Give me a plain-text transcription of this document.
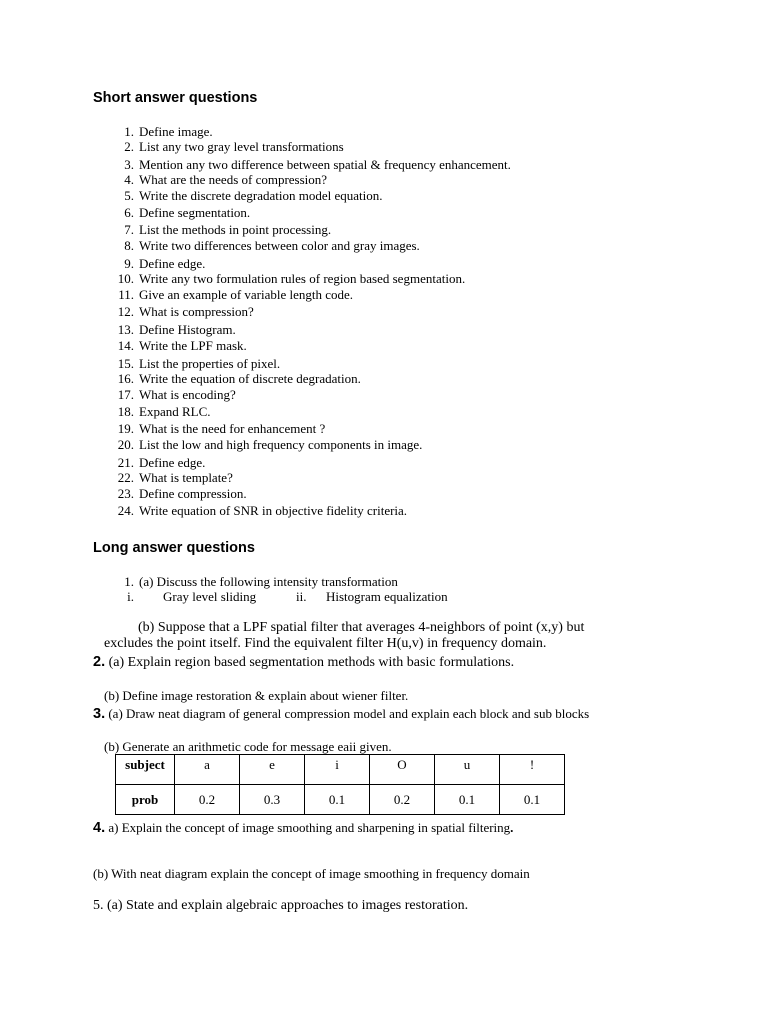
Short answer questions
1. Define image.
2. List any two gray level transformations
3. Mention any two difference between spatial & frequency enhancement.
4. What are the needs of compression?
5. Write the discrete degradation model equation.
6. Define segmentation.
7. List the methods in point processing.
8. Write two differences between color and gray images.
9. Define edge.
10. Write any two formulation rules of region based segmentation.
11. Give an example of variable length code.
12. What is compression?
13. Define Histogram.
14. Write the LPF mask.
15. List the properties of pixel.
16. Write the equation of discrete degradation.
17. What is encoding?
18. Expand RLC.
19. What is the need for enhancement ?
20. List the low and high frequency components in image.
21. Define edge.
22. What is template?
23. Define compression.
24. Write equation of SNR in objective fidelity criteria.
Long answer questions
1. (a) Discuss the following intensity transformation
i. Gray level sliding	ii. Histogram equalization
(b) Suppose that a LPF spatial filter that averages 4-neighbors of point (x,y) but
excludes the point itself. Find the equivalent filter H(u,v) in frequency domain.
2. (a) Explain region based segmentation methods with basic formulations.
(b) Define image restoration & explain about wiener filter.
3. (a) Draw neat diagram of general compression model and explain each block and sub blocks
(b) Generate an arithmetic code for message eaii given.
subject	a	e	i	O	u	!

prob	0.2	0.3	0.1	0.2	0.1	0.1
4. a) Explain the concept of image smoothing and sharpening in spatial filtering.
(b) With neat diagram explain the concept of image smoothing in frequency domain
5. (a) State and explain algebraic approaches to images restoration.
